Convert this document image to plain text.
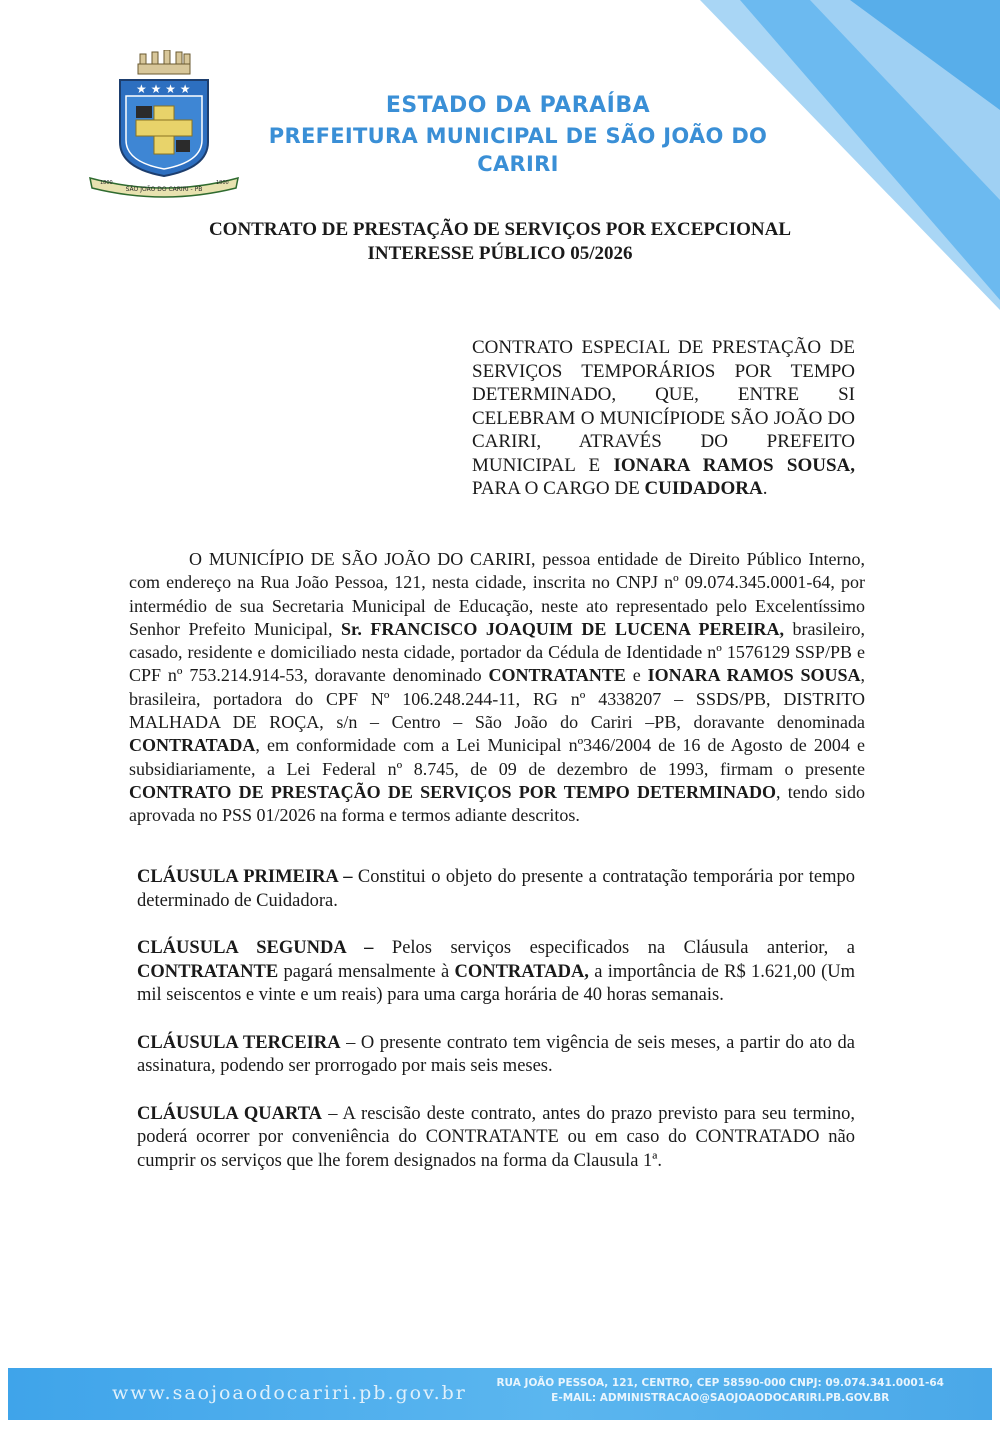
★ ★ ★ ★
SÃO JOÃO DO CARIRI - PB
1800	1800
ESTADO DA PARAÍBA
PREFEITURA MUNICIPAL DE SÃO JOÃO DO CARIRI
CONTRATO DE PRESTAÇÃO DE SERVIÇOS POR EXCEPCIONAL
INTERESSE PÚBLICO 05/2026
CONTRATO ESPECIAL DE PRESTAÇÃO DE SERVIÇOS TEMPORÁRIOS POR TEMPO DETERMINADO, QUE, ENTRE SI CELEBRAM O MUNICÍPIODE SÃO JOÃO DO CARIRI, ATRAVÉS DO PREFEITO MUNICIPAL E IONARA RAMOS SOUSA, PARA O CARGO DE CUIDADORA.

O MUNICÍPIO DE SÃO JOÃO DO CARIRI, pessoa entidade de Direito Público Interno, com endereço na Rua João Pessoa, 121, nesta cidade, inscrita no CNPJ nº 09.074.345.0001-64, por intermédio de sua Secretaria Municipal de Educação, neste ato representado pelo Excelentíssimo Senhor Prefeito Municipal, Sr. FRANCISCO JOAQUIM DE LUCENA PEREIRA, brasileiro, casado, residente e domiciliado nesta cidade, portador da Cédula de Identidade nº 1576129 SSP/PB e CPF nº 753.214.914-53, doravante denominado CONTRATANTE e IONARA RAMOS SOUSA, brasileira, portadora do CPF Nº 106.248.244-11, RG nº 4338207 – SSDS/PB, DISTRITO MALHADA DE ROÇA, s/n – Centro – São João do Cariri –PB, doravante denominada CONTRATADA, em conformidade com a Lei Municipal nº346/2004 de 16 de Agosto de 2004 e subsidiariamente, a Lei Federal nº 8.745, de 09 de dezembro de 1993, firmam o presente CONTRATO DE PRESTAÇÃO DE SERVIÇOS POR TEMPO DETERMINADO, tendo sido aprovada no PSS 01/2026 na forma e termos adiante descritos.

CLÁUSULA PRIMEIRA – Constitui o objeto do presente a contratação temporária por tempo determinado de Cuidadora.

CLÁUSULA SEGUNDA – Pelos serviços especificados na Cláusula anterior, a CONTRATANTE pagará mensalmente à CONTRATADA, a importância de R$ 1.621,00 (Um mil seiscentos e vinte e um reais) para uma carga horária de 40 horas semanais.

CLÁUSULA TERCEIRA – O presente contrato tem vigência de seis meses, a partir do ato da assinatura, podendo ser prorrogado por mais seis meses.

CLÁUSULA QUARTA – A rescisão deste contrato, antes do prazo previsto para seu termino, poderá ocorrer por conveniência do CONTRATANTE ou em caso do CONTRATADO não cumprir os serviços que lhe forem designados na forma da Clausula 1ª.

www.saojoaodocariri.pb.gov.br	RUA JOÃO PESSOA, 121, CENTRO, CEP 58590-000 CNPJ: 09.074.341.0001-64
E-MAIL: ADMINISTRACAO@SAOJOAODOCARIRI.PB.GOV.BR
